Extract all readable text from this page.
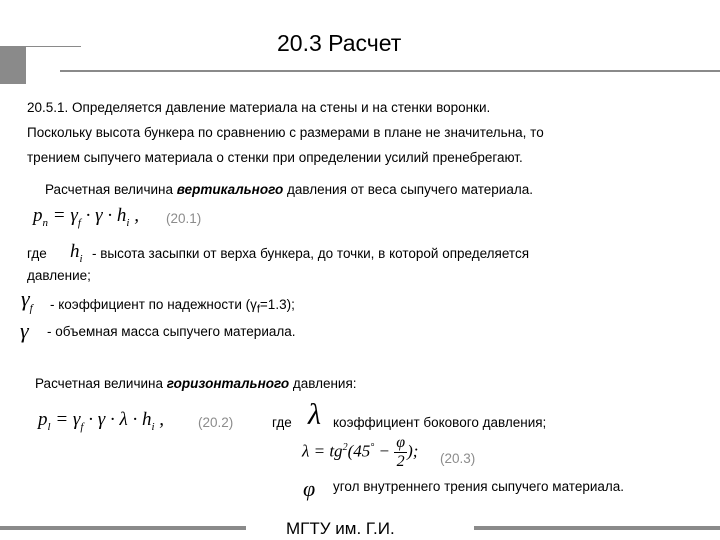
20.3 Расчет
20.5.1. Определяется давление материала на стены и на стенки воронки.
Поскольку высота бункера по сравнению с размерами в плане не значительна, то
трением сыпучего материала о стенки при определении усилий пренебрегают.
Расчетная величина вертикального давления от веса сыпучего материала.
$p_n = \gamma_f \cdot \gamma \cdot h_i$ , (20.1)
где $h_i$ - высота засыпки от верха бункера, до точки, в которой определяется
давление;
$\gamma_f$ - коэффициент по надежности $(\gamma_f=1.3)$;
γ - объемная масса сыпучего материала.
Расчетная величина горизонтального давления:
$p_l = \gamma_f \cdot \gamma \cdot \lambda \cdot h_i$ ,	(20.2)	где λ коэффициент бокового давления;
$\lambda = tg^2(45^\circ - \frac{\varphi}{2}$ ); (20.3)
φ угол внутреннего трения сыпучего материала.
МГТУ им. Г.И.
